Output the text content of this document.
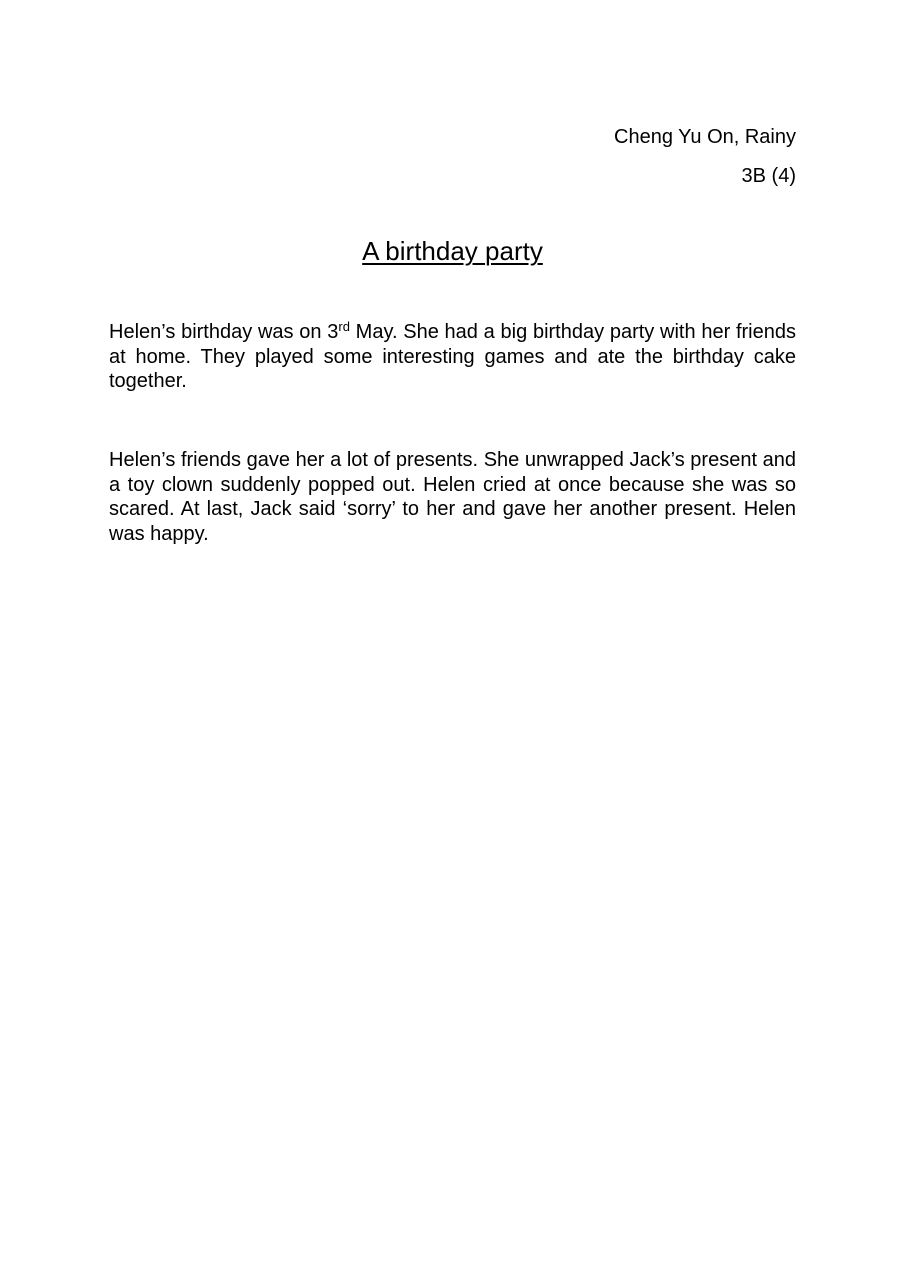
Cheng Yu On, Rainy
3B (4)
A birthday party

Helen’s birthday was on 3rd May. She had a big birthday party with her friends at home. They played some interesting games and ate the birthday cake together.

Helen’s friends gave her a lot of presents. She unwrapped Jack’s present and a toy clown suddenly popped out. Helen cried at once because she was so scared. At last, Jack said ‘sorry’ to her and gave her another present. Helen was happy.
